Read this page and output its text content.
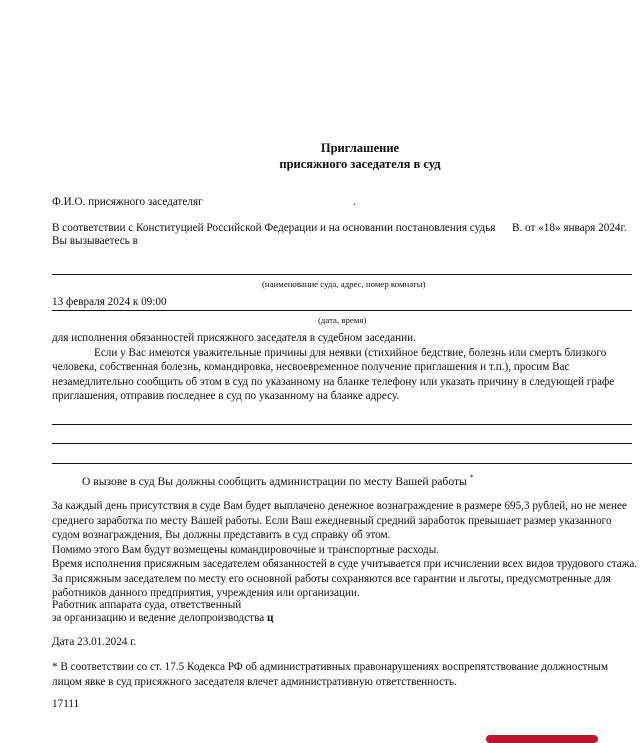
Приглашение
присяжного заседателя в суд
Ф.И.О. присяжного заседателяг	.
В соответствии с Конституцией Российской Федерации и на основании постановления судья В. от «18» января 2024г.
Вы вызываетесь в
(наименование суда, адрес, номер комнаты)
13 февраля 2024 к 09:00
(дата, время)

для исполнения обязанностей присяжного заседателя в судебном заседании.

Если у Вас имеются уважительные причины для неявки (стихийное бедствие, болезнь или смерть близкого человека, собственная болезнь, командировка, несвоевременное получение приглашения и т.п.), просим Вас незамедлительно сообщить об этом в суд по указанному на бланке телефону или указать причину в следующей графе приглашения, отправив последнее в суд по указанному на бланке адресу.

О вызове в суд Вы должны сообщить администрации по месту Вашей работы *

За каждый день присутствия в суде Вам будет выплачено денежное вознаграждение в размере 695,3 рублей, но не менее среднего заработка по месту Вашей работы. Если Ваш ежедневный средний заработок превышает размер указанного судом вознаграждения, Вы должны представить в суд справку об этом.

Помимо этого Вам будут возмещены командировочные и транспортные расходы.

Время исполнения присяжным заседателем обязанностей в суде учитывается при исчислении всех видов трудового стажа.

За присяжным заседателем по месту его основной работы сохраняются все гарантии и льготы, предусмотренные для работников данного предприятия, учреждения или организации.

Работник аппарата суда, ответственный
за организацию и ведение делопроизводства ц
Дата 23.01.2024 г.
* В соответствии со ст. 17.5 Кодекса РФ об административных правонарушениях воспрепятствование должностным лицом явке в суд присяжного заседателя влечет административную ответственность.
17111
